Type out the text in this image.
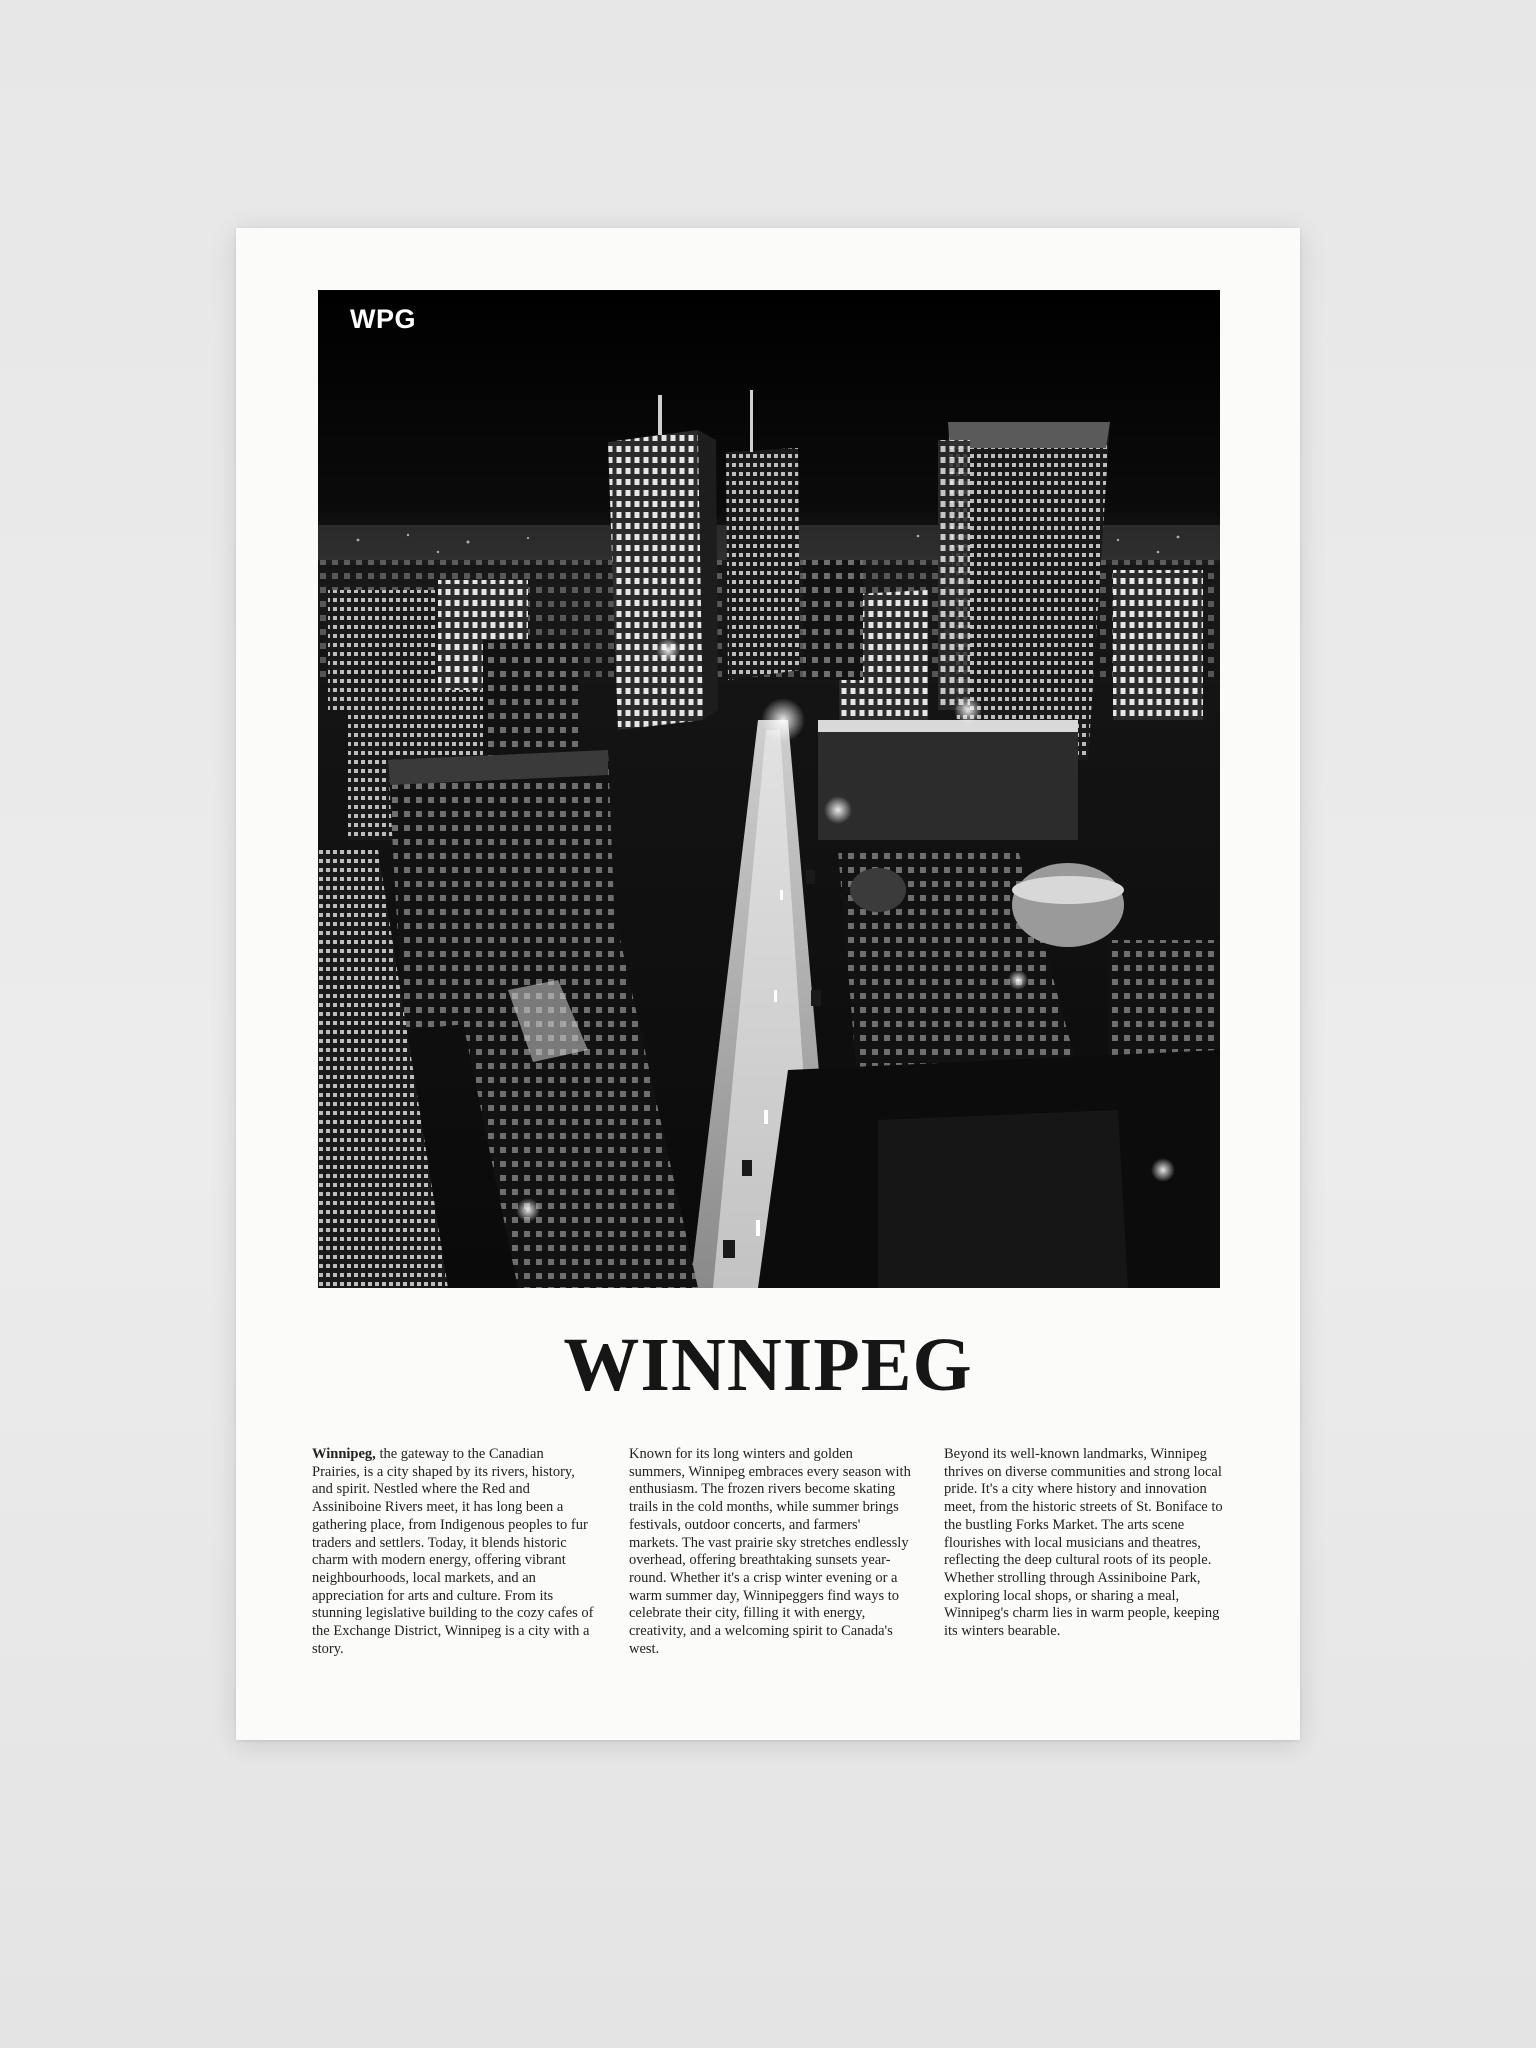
WPG
WINNIPEG
Winnipeg, the gateway to the Canadian Prairies, is a city shaped by its rivers, history, and spirit. Nestled where the Red and Assiniboine Rivers meet, it has long been a gathering place, from Indigenous peoples to fur traders and settlers. Today, it blends historic charm with modern energy, offering vibrant neighbourhoods, local markets, and an appreciation for arts and culture. From its stunning legislative building to the cozy cafes of the Exchange District, Winnipeg is a city with a story.
Known for its long winters and golden summers, Winnipeg embraces every season with enthusiasm. The frozen rivers become skating trails in the cold months, while summer brings festivals, outdoor concerts, and farmers' markets. The vast prairie sky stretches endlessly overhead, offering breathtaking sunsets year-round. Whether it's a crisp winter evening or a warm summer day, Winnipeggers find ways to celebrate their city, filling it with energy, creativity, and a welcoming spirit to Canada's west.
Beyond its well-known landmarks, Winnipeg thrives on diverse communities and strong local pride. It's a city where history and innovation meet, from the historic streets of St. Boniface to the bustling Forks Market. The arts scene flourishes with local musicians and theatres, reflecting the deep cultural roots of its people. Whether strolling through Assiniboine Park, exploring local shops, or sharing a meal, Winnipeg's charm lies in warm people, keeping its winters bearable.
